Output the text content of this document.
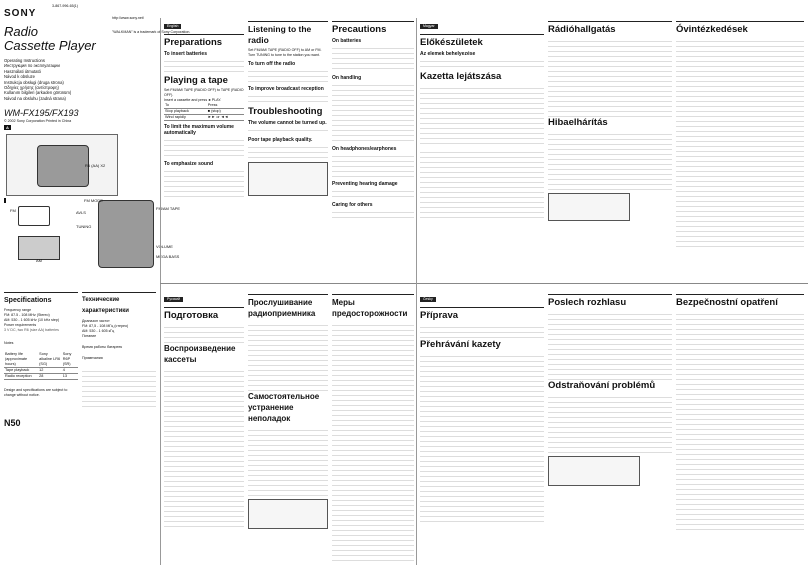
3-867-996-65(1)
SONY
Radio
Cassette Player
Operating Instructions
Инструкция по эксплуатации
Használati útmutató
Návod k obsluze
Instrukcja obsługi (druga strona)
Οδηγίες χρήσης (αντίστροφη)
Kullanım bilgileri (arkaden görünüm)
Návod na obsluhu (zadná strana)
WM-FX195/FX193
© 2002 Sony Corporation Printed in China
http://www.sony.net/
"WALKMAN" is a trademark of Sony Corporation.
A
R6 (AA) X2
FM
AM
FM MODE
AVLS
TUNING
VOLUME
MEGA BASS
FM/AM TAPE
Specifications
Frequency range
FM: 87.5 - 108 MHz (Stereo)
AM: 530 - 1 605 kHz (10 kHz step)
Power requirements
3 V DC, two R6 (size AA) batteries
Notes
Battery life (approximate hours)	Sony alkaline LR6 (SG)	Sony R6P (SR)
Tape playback	12	4
Radio reception	28	13
Design and specifications are subject to change without notice.
N50
Технические характеристики
Диапазон частот
FM: 87,5 - 108 МГц (стерео)
AM: 530 - 1 605 кГц
Питание
Время работы батареек
Примечания
English
Preparations
To insert batteries
Playing a tape
Set FM/AM/ TAPE (RADIO OFF) to TAPE (RADIO OFF).
Insert a cassette and press ►PLAY.
To	Press
Stop playback	■ (stop)
Wind rapidly	►► or ◄◄
To limit the maximum volume automatically
To emphasize sound
Listening to the radio
Set FM/AM/ TAPE (RADIO OFF) to AM or FM.
Turn TUNING to tune to the station you want.
To turn off the radio
To improve broadcast reception
Troubleshooting
The volume cannot be turned up.
Poor tape playback quality.
Precautions
On batteries
On handling
On headphones/earphones
Preventing hearing damage
Caring for others
Magyar
Előkészületek
Az elemek behelyezése
Kazetta lejátszása
Rádióhallgatás
Hibaelhárítás
Óvintézkedések
Русский
Подготовка
Воспроизведение кассеты
Прослушивание радиоприемника
Самостоятельное устранение неполадок
Меры предосторожности
Česky
Příprava
Přehrávání kazety
Poslech rozhlasu
Odstraňování problémů
Bezpečnostní opatření
